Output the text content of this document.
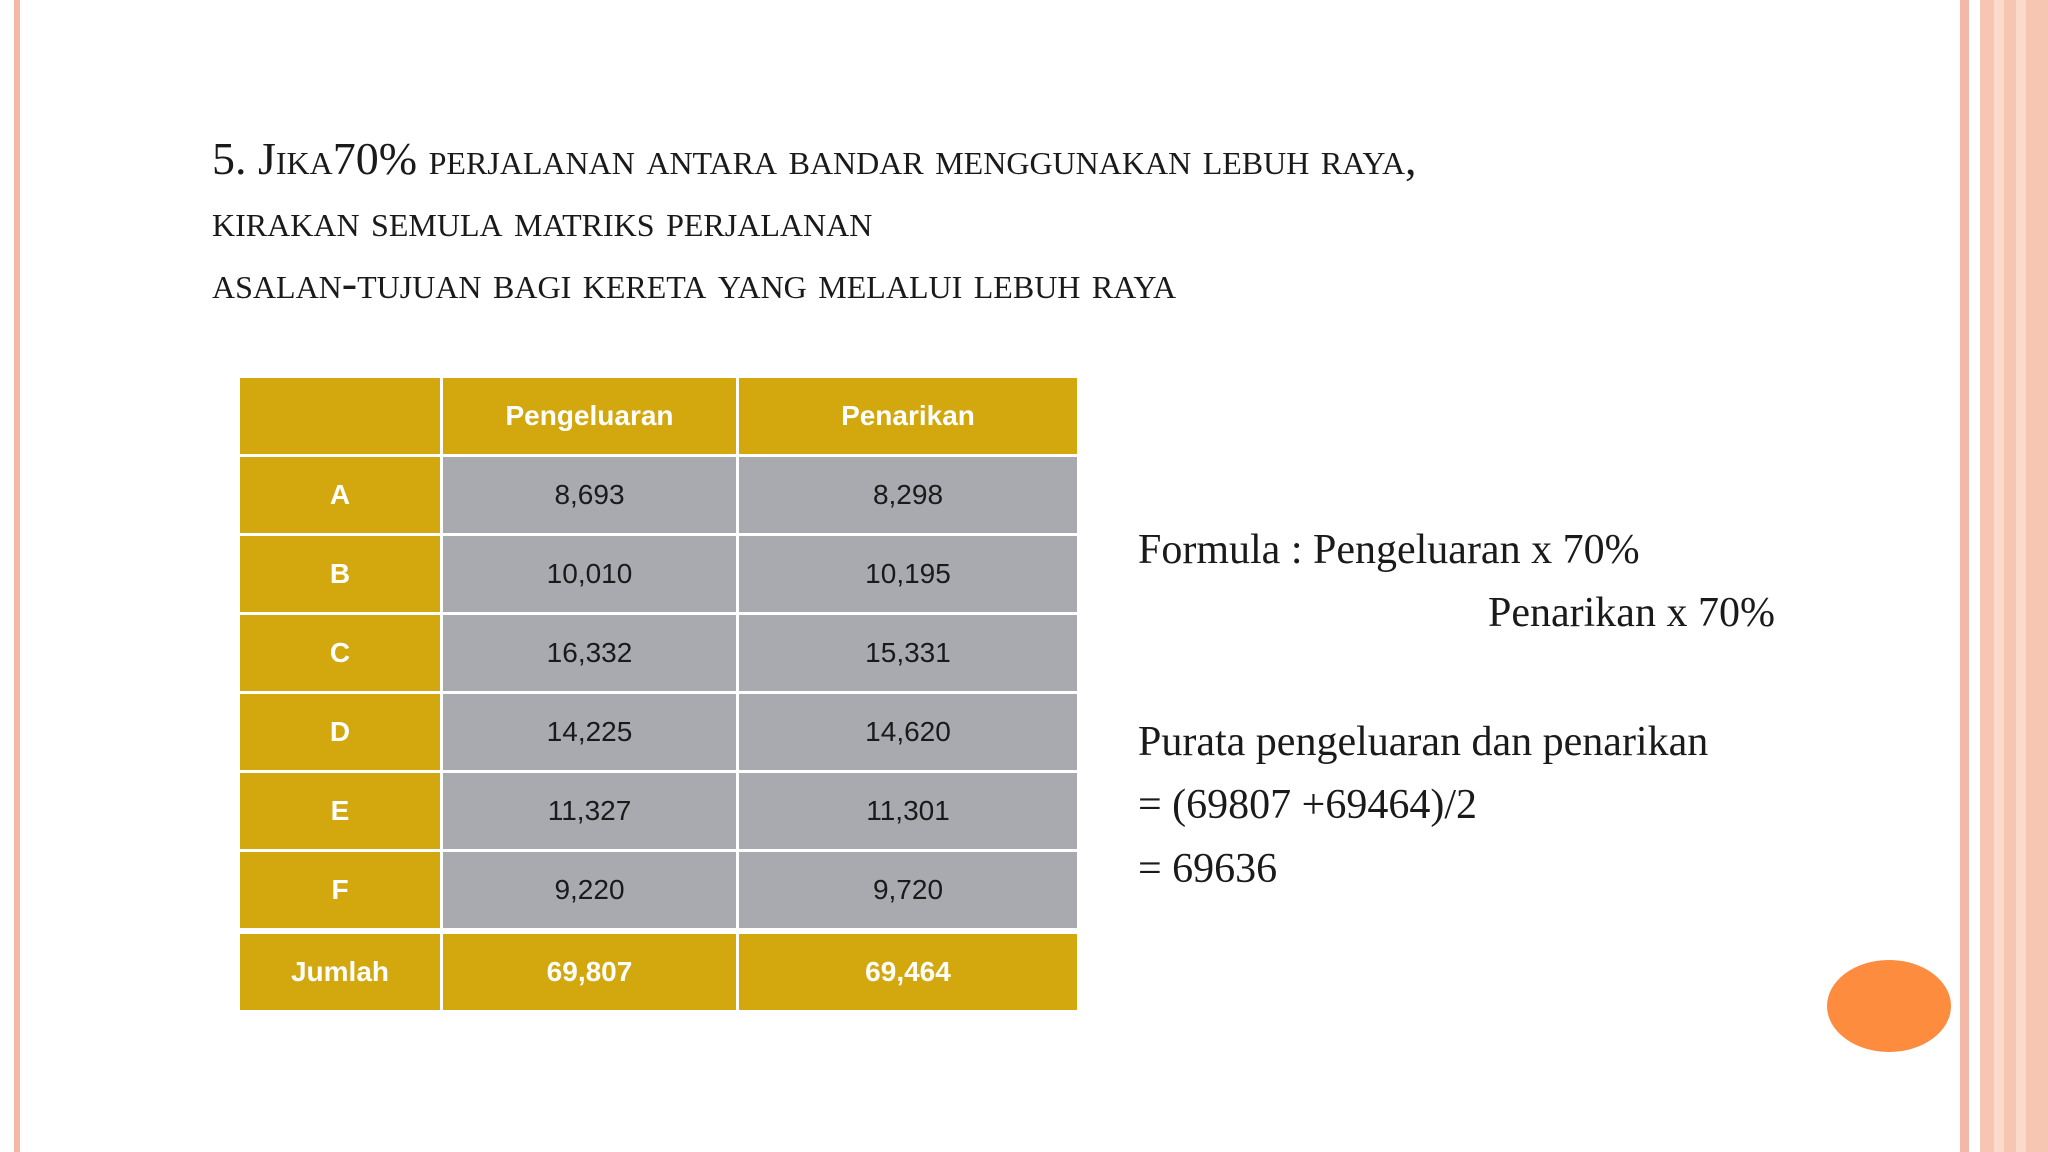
5. Jika70% perjalanan antara bandar menggunakan lebuh raya,
kirakan semula matriks perjalanan
asalan-tujuan bagi kereta yang melalui lebuh raya
	Pengeluaran	Penarikan
A	8,693	8,298
B	10,010	10,195
C	16,332	15,331
D	14,225	14,620
E	11,327	11,301
F	9,220	9,720
Jumlah	69,807	69,464
Formula : Pengeluaran x 70%
Penarikan x 70%
Purata pengeluaran dan penarikan
= (69807 +69464)/2
= 69636
